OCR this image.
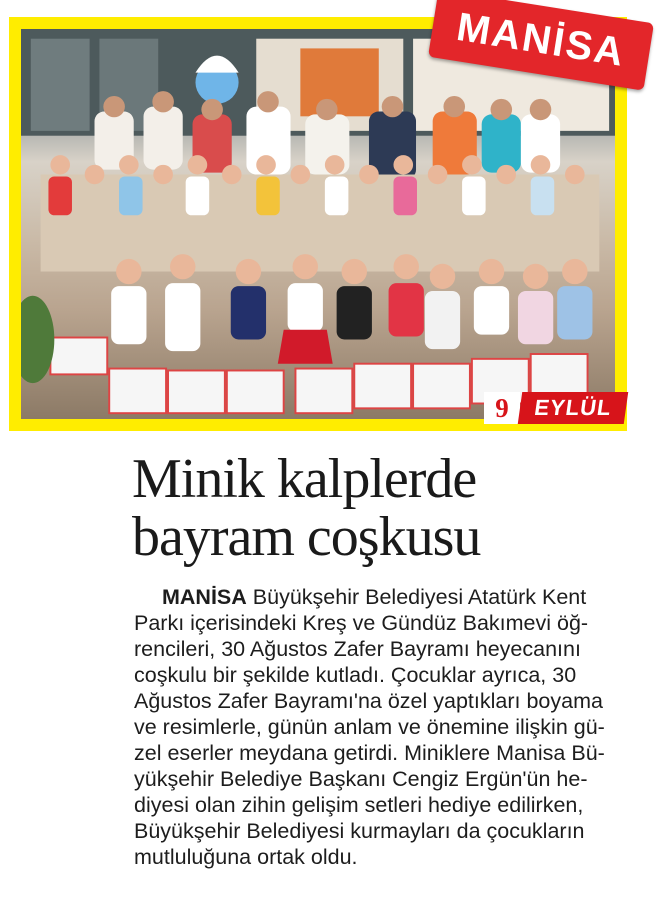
MANİSA
9	EYLÜL
Minik kalplerde
bayram coşkusu
MANİSA Büyükşehir Belediyesi Atatürk Kent
Parkı içerisindeki Kreş ve Gündüz Bakımevi öğ-
rencileri, 30 Ağustos Zafer Bayramı heyecanını
coşkulu bir şekilde kutladı. Çocuklar ayrıca, 30
Ağustos Zafer Bayramı'na özel yaptıkları boyama
ve resimlerle, günün anlam ve önemine ilişkin gü-
zel eserler meydana getirdi. Miniklere Manisa Bü-
yükşehir Belediye Başkanı Cengiz Ergün'ün he-
diyesi olan zihin gelişim setleri hediye edilirken,
Büyükşehir Belediyesi kurmayları da çocukların
mutluluğuna ortak oldu.
